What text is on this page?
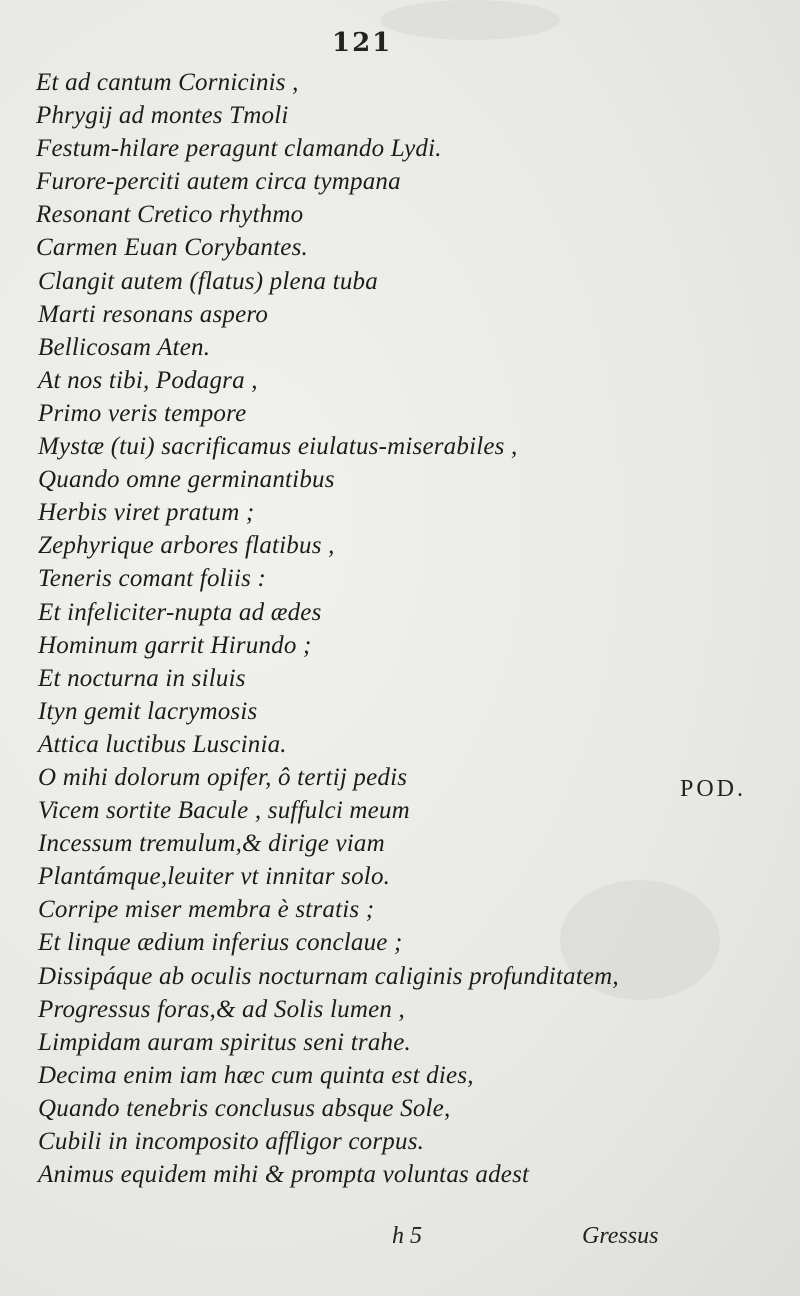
121
Et ad cantum Cornicinis ,
Phrygij ad montes Tmoli
Festum-hilare peragunt clamando Lydi.
Furore-perciti autem circa tympana
Resonant Cretico rhythmo
Carmen Euan Corybantes.
Clangit autem (flatus) plena tuba
Marti resonans aspero
Bellicosam Aten.
At nos tibi, Podagra ,
Primo veris tempore
Mystæ (tui) sacrificamus eiulatus-miserabiles ,
Quando omne germinantibus
Herbis viret pratum ;
Zephyrique arbores flatibus ,
Teneris comant foliis :
Et infeliciter-nupta ad ædes
Hominum garrit Hirundo ;
Et nocturna in siluis
Ityn gemit lacrymosis
Attica luctibus Luscinia.
O mihi dolorum opifer, ô tertij pedis
Vicem sortite Bacule , suffulci meum
Incessum tremulum,& dirige viam
Plantámque,leuiter vt innitar solo.
Corripe miser membra è stratis ;
Et linque ædium inferius conclaue ;
Dissipáque ab oculis nocturnam caliginis profunditatem,
Progressus foras,& ad Solis lumen ,
Limpidam auram spiritus seni trahe.
Decima enim iam hæc cum quinta est dies,
Quando tenebris conclusus absque Sole,
Cubili in incomposito affligor corpus.
Animus equidem mihi & prompta voluntas adest
POD.
h 5	Gressus
